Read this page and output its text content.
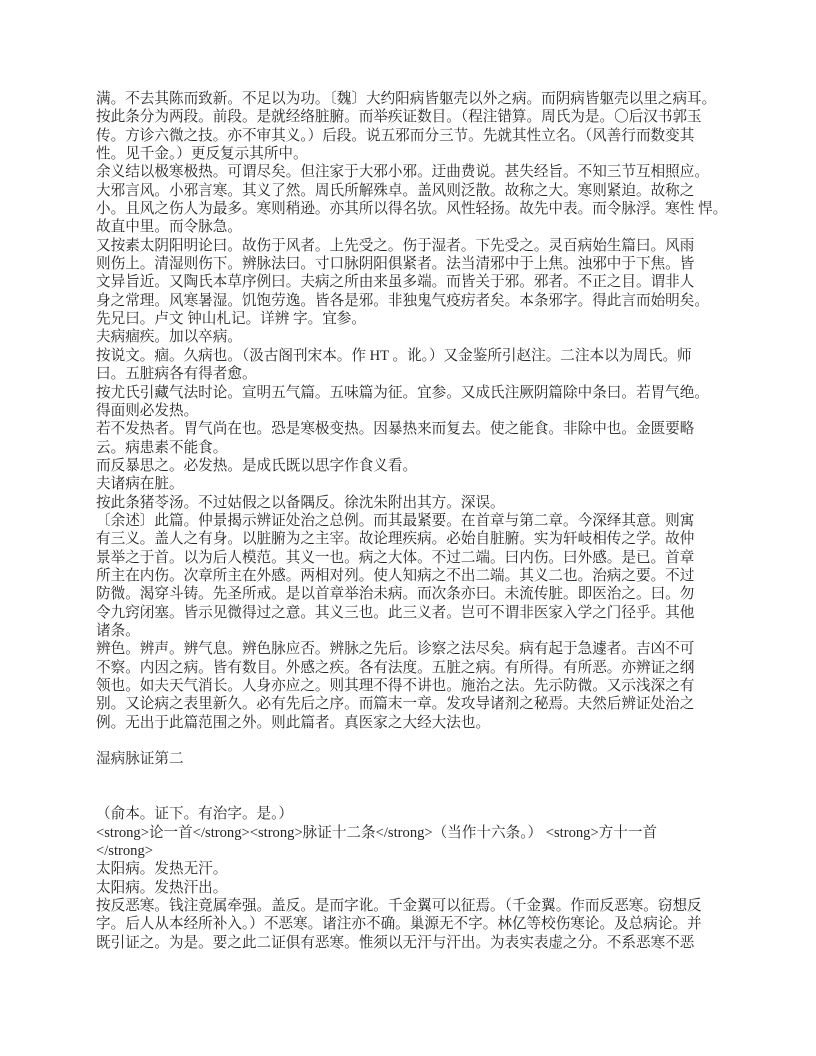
满。不去其陈而致新。不足以为功。〔魏〕大约阳病皆躯壳以外之病。而阴病皆躯壳以里之病耳。
按此条分为两段。前段。是就经络脏腑。而举疾证数目。（程注错算。周氏为是。〇后汉书郭玉
传。方诊六微之技。亦不审其义。）后段。说五邪而分三节。先就其性立名。（风善行而数变其
性。见千金。）更反复示其所中。
余义结以极寒极热。可谓尽矣。但注家于大邪小邪。迂曲费说。甚失经旨。不知三节互相照应。
大邪言风。小邪言寒。其义了然。周氏所解殊卓。盖风则泛散。故称之大。寒则紧迫。故称之
小。且风之伤人为最多。寒则稍逊。亦其所以得名欤。风性轻扬。故先中表。而令脉浮。寒性 悍。
故直中里。而令脉急。
又按素太阴阳明论曰。故伤于风者。上先受之。伤于湿者。下先受之。灵百病始生篇曰。风雨
则伤上。清湿则伤下。辨脉法曰。寸口脉阴阳俱紧者。法当清邪中于上焦。浊邪中于下焦。皆
文异旨近。又陶氏本草序例曰。夫病之所由来虽多端。而皆关于邪。邪者。不正之目。谓非人
身之常理。风寒暑湿。饥饱劳逸。皆各是邪。非独鬼气疫疠者矣。本条邪字。得此言而始明矣。
先兄曰。卢文 钟山札记。详辨 字。宜参。
夫病痼疾。加以卒病。
按说文。痼。久病也。（汲古阁刊宋本。作 HT 。讹。）又金鉴所引赵注。二注本以为周氏。师
曰。五脏病各有得者愈。
按尤氏引藏气法时论。宣明五气篇。五味篇为征。宜参。又成氏注厥阴篇除中条曰。若胃气绝。
得面则必发热。
若不发热者。胃气尚在也。恐是寒极变热。因暴热来而复去。使之能食。非除中也。金匮要略
云。病患素不能食。
而反暴思之。必发热。是成氏既以思字作食义看。
夫诸病在脏。
按此条猪苓汤。不过姑假之以备隅反。徐沈朱附出其方。深误。
〔余述〕此篇。仲景揭示辨证处治之总例。而其最紧要。在首章与第二章。今深绎其意。则寓
有三义。盖人之有身。以脏腑为之主宰。故论理疾病。必始自脏腑。实为轩岐相传之学。故仲
景举之于首。以为后人模范。其义一也。病之大体。不过二端。曰内伤。曰外感。是已。首章
所主在内伤。次章所主在外感。两相对列。使人知病之不出二端。其义二也。治病之要。不过
防微。渴穿斗铸。先圣所戒。是以首章举治未病。而次条亦曰。未流传脏。即医治之。曰。勿
令九窍闭塞。皆示见微得过之意。其义三也。此三义者。岂可不谓非医家入学之门径乎。其他
诸条。
辨色。辨声。辨气息。辨色脉应否。辨脉之先后。诊察之法尽矣。病有起于急遽者。吉凶不可
不察。内因之病。皆有数目。外感之疾。各有法度。五脏之病。有所得。有所恶。亦辨证之纲
领也。如夫天气消长。人身亦应之。则其理不得不讲也。施治之法。先示防微。又示浅深之有
别。又论病之表里新久。必有先后之序。而篇末一章。发攻导诸剂之秘焉。夫然后辨证处治之
例。无出于此篇范围之外。则此篇者。真医家之大经大法也。
湿病脉证第二
（俞本。证下。有治字。是。）
<strong>论一首</strong><strong>脉证十二条</strong>（当作十六条。） <strong>方十一首
</strong>
太阳病。发热无汗。
太阳病。发热汗出。
按反恶寒。钱注竟属牵强。盖反。是而字讹。千金翼可以征焉。（千金翼。作而反恶寒。窃想反
字。后人从本经所补入。）不恶寒。诸注亦不确。巢源无不字。林亿等校伤寒论。及总病论。并
既引证之。为是。要之此二证俱有恶寒。惟须以无汗与汗出。为表实表虚之分。不系恶寒不恶
